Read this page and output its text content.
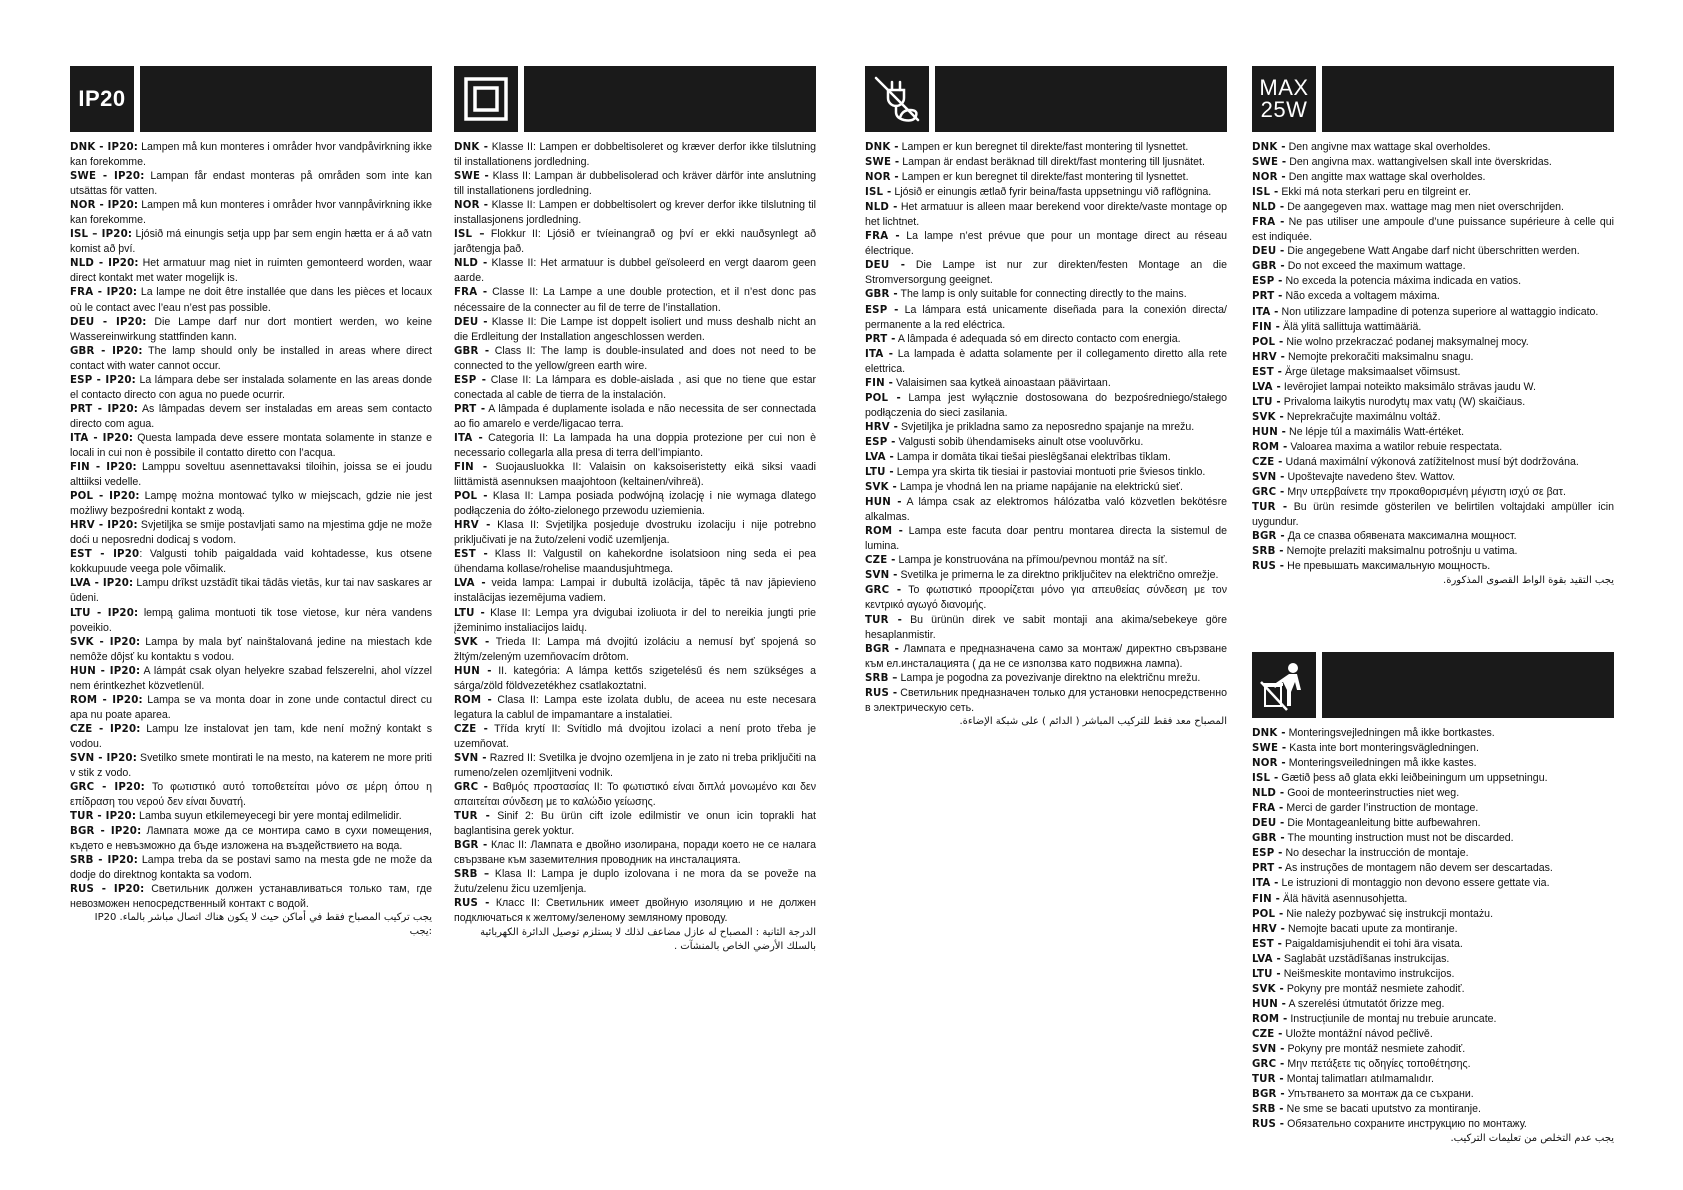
IP20

DNK - IP20: Lampen må kun monteres i områder hvor vandpåvirkning ikke kan forekomme.

SWE - IP20: Lampan får endast monteras på områden som inte kan utsättas för vatten.

NOR - IP20: Lampen må kun monteres i områder hvor vannpåvirkning ikke kan forekomme.

ISL – IP20: Ljósið má einungis setja upp þar sem engin hætta er á að vatn komist að því.

NLD - IP20: Het armatuur mag niet in ruimten gemonteerd worden, waar direct kontakt met water mogelijk is.

FRA - IP20: La lampe ne doit être installée que dans les pièces et locaux où le contact avec l’eau n’est pas possible.

DEU - IP20: Die Lampe darf nur dort montiert werden, wo keine Wassereinwirkung stattfinden kann.

GBR - IP20: The lamp should only be installed in areas where direct contact with water cannot occur.

ESP - IP20: La lámpara debe ser instalada solamente en las areas donde el contacto directo con agua no puede ocurrir.

PRT - IP20: As lâmpadas devem ser instaladas em areas sem contacto directo com agua.

ITA - IP20: Questa lampada deve essere montata solamente in stanze e locali in cui non è possibile il contatto diretto con l’acqua.

FIN - IP20: Lamppu soveltuu asennettavaksi tiloihin, joissa se ei joudu alttiiksi vedelle.

POL - IP20: Lampę można montować tylko w miejscach, gdzie nie jest możliwy bezpośredni kontakt z wodą.

HRV - IP20: Svjetiljka se smije postavljati samo na mjestima gdje ne može doći u neposredni dodicaj s vodom.

EST - IP20: Valgusti tohib paigaldada vaid kohtadesse, kus otsene kokkupuude veega pole võimalik.

LVA - IP20: Lampu drīkst uzstādīt tikai tādās vietās, kur tai nav saskares ar ūdeni.

LTU - IP20: lempą galima montuoti tik tose vietose, kur nėra vandens poveikio.

SVK - IP20: Lampa by mala byť nainštalovaná jedine na miestach kde nemôže dôjsť ku kontaktu s vodou.

HUN - IP20: A lámpát csak olyan helyekre szabad felszerelni, ahol vízzel nem érintkezhet közvetlenül.

ROM - IP20: Lampa se va monta doar in zone unde contactul direct cu apa nu poate aparea.

CZE - IP20: Lampu lze instalovat jen tam, kde není možný kontakt s vodou.

SVN - IP20: Svetilko smete montirati le na mesto, na katerem ne more priti v stik z vodo.

GRC - IP20: Το φωτιστικό αυτό τοποθετείται μόνο σε μέρη όπου η επίδραση του νερού δεν είναι δυνατή.

TUR - IP20: Lamba suyun etkilemeyecegi bir yere montaj edilmelidir.

BGR - IP20: Лампата може да се монтира само в сухи помещения, където е невъзможно да бъде изложена на въздействието на вода.

SRB - IP20: Lampa treba da se postavi samo na mesta gde ne može da dodje do direktnog kontakta sa vodom.

RUS - IP20: Светильник должен устанавливаться только там, где невозможен непосредственный контакт с водой.

يجب تركيب المصباح فقط في أماكن حيث لا يكون هناك اتصال مباشر بالماء. IP20 :يجب

DNK - Klasse II: Lampen er dobbeltisoleret og kræver derfor ikke tilslutning til installationens jordledning.

SWE - Klass II: Lampan är dubbelisolerad och kräver därför inte anslutning till installationens jordledning.

NOR - Klasse II: Lampen er dobbeltisolert og krever derfor ikke tilslutning til installasjonens jordledning.

ISL – Flokkur II: Ljósið er tvíeinangrað og því er ekki nauðsynlegt að jarðtengja það.

NLD - Klasse II: Het armatuur is dubbel geïsoleerd en vergt daarom geen aarde.

FRA - Classe II: La Lampe a une double protection, et il n’est donc pas nécessaire de la connecter au fil de terre de l’installation.

DEU - Klasse II: Die Lampe ist doppelt isoliert und muss deshalb nicht an die Erdleitung der Installation angeschlossen werden.

GBR - Class II: The lamp is double-insulated and does not need to be connected to the yellow/green earth wire.

ESP - Clase II: La lámpara es doble-aislada , asi que no tiene que estar conectada al cable de tierra de la instalación.

PRT - A lâmpada é duplamente isolada e não necessita de ser connectada ao fio amarelo e verde/ligacao terra.

ITA - Categoria II: La lampada ha una doppia protezione per cui non è necessario collegarla alla presa di terra dell’impianto.

FIN - Suojausluokka II: Valaisin on kaksoiseristetty eikä siksi vaadi liittämistä asennuksen maajohtoon (keltainen/vihreä).

POL - Klasa II: Lampa posiada podwójną izolację i nie wymaga dlatego podłączenia do żółto-zielonego przewodu uziemienia.

HRV - Klasa II: Svjetiljka posjeduje dvostruku izolaciju i nije potrebno priključivati je na žuto/zeleni vodič uzemljenja.

EST - Klass II: Valgustil on kahekordne isolatsioon ning seda ei pea ühendama kollase/rohelise maandusjuhtmega.

LVA - veida lampa: Lampai ir dubultā izolācija, tāpēc tā nav jāpievieno instalācijas iezemējuma vadiem.

LTU - Klase II: Lempa yra dvigubai izoliuota ir del to nereikia jungti prie įžeminimo instaliacijos laidų.

SVK - Trieda II: Lampa má dvojitú izoláciu a nemusí byť spojená so žltým/zeleným uzemňovacím drôtom.

HUN - II. kategória: A lámpa kettős szigetelésű és nem szükséges a sárga/zöld földvezetékhez csatlakoztatni.

ROM - Clasa II: Lampa este izolata dublu, de aceea nu este necesara legatura la cablul de impamantare a instalatiei.

CZE - Třída krytí II: Svítidlo má dvojitou izolaci a není proto třeba je uzemňovat.

SVN - Razred II: Svetilka je dvojno ozemljena in je zato ni treba priključiti na rumeno/zelen ozemljitveni vodnik.

GRC - Βαθμός προστασίας II: Το φωτιστικό είναι διπλά μονωμένο και δεν απαιτείται σύνδεση με το καλώδιο γείωσης.

TUR - Sinif 2: Bu ürün cift izole edilmistir ve onun icin topraklі hat baglantisina gerek yoktur.

BGR - Клас II: Лампата е двойно изолирана, поради което не се налага свързване към заземителния проводник на инсталацията.

SRB – Klasa II: Lampa je duplo izolovana i ne mora da se poveže na žutu/zelenu žicu uzemljenja.

RUS - Класс II: Светильник имеет двойную изоляцию и не должен подключаться к желтому/зеленому земляному проводу.

الدرجة الثانية : المصباح له عازل مضاعف لذلك لا يستلزم توصيل الدائرة الكهربائية بالسلك الأرضي الخاص بالمنشآت .

DNK - Lampen er kun beregnet til direkte/fast montering til lysnettet.

SWE - Lampan är endast beräknad till direkt/fast montering till ljusnätet.

NOR - Lampen er kun beregnet til direkte/fast montering til lysnettet.

ISL - Ljósið er einungis ætlað fyrir beina/fasta uppsetningu við raflögnina.

NLD - Het armatuur is alleen maar berekend voor direkte/vaste montage op het lichtnet.

FRA - La lampe n’est prévue que pour un montage direct au réseau électrique.

DEU - Die Lampe ist nur zur direkten/festen Montage an die Stromversorgung geeignet.

GBR - The lamp is only suitable for connecting directly to the mains.

ESP - La lámpara está unicamente diseñada para la conexión directa/ permanente a la red eléctrica.

PRT - A lâmpada é adequada só em directo contacto com energia.

ITA - La lampada è adatta solamente per il collegamento diretto alla rete elettrica.

FIN - Valaisimen saa kytkeä ainoastaan päävirtaan.

POL - Lampa jest wyłącznie dostosowana do bezpośredniego/stałego podłączenia do sieci zasilania.

HRV - Svjetiljka je prikladna samo za neposredno spajanje na mrežu.

ESP - Valgusti sobib ühendamiseks ainult otse vooluvõrku.

LVA - Lampa ir domāta tikai tiešai pieslēgšanai elektrības tīklam.

LTU - Lempa yra skirta tik tiesiai ir pastoviai montuoti prie šviesos tinklo.

SVK - Lampa je vhodná len na priame napájanie na elektrickú sieť.

HUN - A lámpa csak az elektromos hálózatba való közvetlen bekötésre alkalmas.

ROM - Lampa este facuta doar pentru montarea directa la sistemul de lumina.

CZE - Lampa je konstruována na přímou/pevnou montáž na síť.

SVN - Svetilka je primerna le za direktno priključitev na električno omrežje.

GRC - Το φωτιστικό προορίζεται μόνο για απευθείας σύνδεση με τον κεντρικό αγωγό διανομής.

TUR - Bu ürünün direk ve sabit montaji ana akima/sebekeye göre hesaplanmistir.

BGR - Лампата е предназначена само за монтаж/ директно свързване към ел.инсталацията ( да не се използва като подвижна лампа).

SRB – Lampa je pogodna za povezivanje direktno na električnu mrežu.

RUS - Светильник предназначен только для установки непосредственно в электрическую сеть.

المصباح معد فقط للتركيب المباشر ( الدائم ) على شبكة الإضاءة.
MAX
25W

DNK - Den angivne max wattage skal overholdes.

SWE - Den angivna max. wattangivelsen skall inte överskridas.

NOR - Den angitte max wattage skal overholdes.

ISL - Ekki má nota sterkari peru en tilgreint er.

NLD - De aangegeven max. wattage mag men niet overschrijden.

FRA - Ne pas utiliser une ampoule d’une puissance supérieure à celle qui est indiquée.

DEU - Die angegebene Watt Angabe darf nicht überschritten werden.

GBR - Do not exceed the maximum wattage.

ESP - No exceda la potencia máxima indicada en vatios.

PRT - Não exceda a voltagem máxima.

ITA - Non utilizzare lampadine di potenza superiore al wattaggio indicato.

FIN - Älä ylitä sallittuja wattimääriä.

POL - Nie wolno przekraczać podanej maksymalnej mocy.

HRV - Nemojte prekoračiti maksimalnu snagu.

EST - Ärge ületage maksimaalset võimsust.

LVA - Ievērojiet lampai noteikto maksimālo strāvas jaudu W.

LTU - Privaloma laikytis nurodytų max vatų (W) skaičiaus.

SVK - Neprekračujte maximálnu voltáž.

HUN - Ne lépje túl a maximális Watt-értéket.

ROM - Valoarea maxima a watilor rebuie respectata.

CZE - Udaná maximální výkonová zatížitelnost musí být dodržována.

SVN - Upoštevajte navedeno štev. Wattov.

GRC - Μην υπερβαίνετε την προκαθορισμένη μέγιστη ισχύ σε βατ.

TUR - Bu ürün resimde gösterilen ve belirtilen voltajdaki ampüller icin uygundur.

BGR - Да се спазва обявената максимална мощност.

SRB - Nemojte prelaziti maksimalnu potrošnju u vatima.

RUS - Не превышать максимальную мощность.

يجب التقيد بقوة الواط القصوى المذكورة.

DNK - Monteringsvejledningen må ikke bortkastes.

SWE - Kasta inte bort monteringsvägledningen.

NOR - Monteringsveiledningen må ikke kastes.

ISL - Gætið þess að glata ekki leiðbeiningum um uppsetningu.

NLD - Gooi de monteerinstructies niet weg.

FRA - Merci de garder l’instruction de montage.

DEU - Die Montageanleitung bitte aufbewahren.

GBR - The mounting instruction must not be discarded.

ESP - No desechar la instrucción de montaje.

PRT - As instruções de montagem não devem ser descartadas.

ITA - Le istruzioni di montaggio non devono essere gettate via.

FIN - Älä hävitä asennusohjetta.

POL - Nie należy pozbywać się instrukcji montażu.

HRV - Nemojte bacati upute za montiranje.

EST - Paigaldamisjuhendit ei tohi ära visata.

LVA - Saglabāt uzstādīšanas instrukcijas.

LTU - Neišmeskite montavimo instrukcijos.

SVK - Pokyny pre montáž nesmiete zahodiť.

HUN - A szerelési útmutatót őrizze meg.

ROM - Instrucțiunile de montaj nu trebuie aruncate.

CZE - Uložte montážní návod pečlivě.

SVN - Pokyny pre montáž nesmiete zahodiť.

GRC - Μην πετάξετε τις οδηγίες τοποθέτησης.

TUR - Montaj talimatları atılmamalıdır.

BGR - Упътването за монтаж да се съхрани.

SRB - Ne sme se bacati uputstvo za montiranje.

RUS - Обязательно сохраните инструкцию по монтажу.

يجب عدم التخلص من تعليمات التركيب.
